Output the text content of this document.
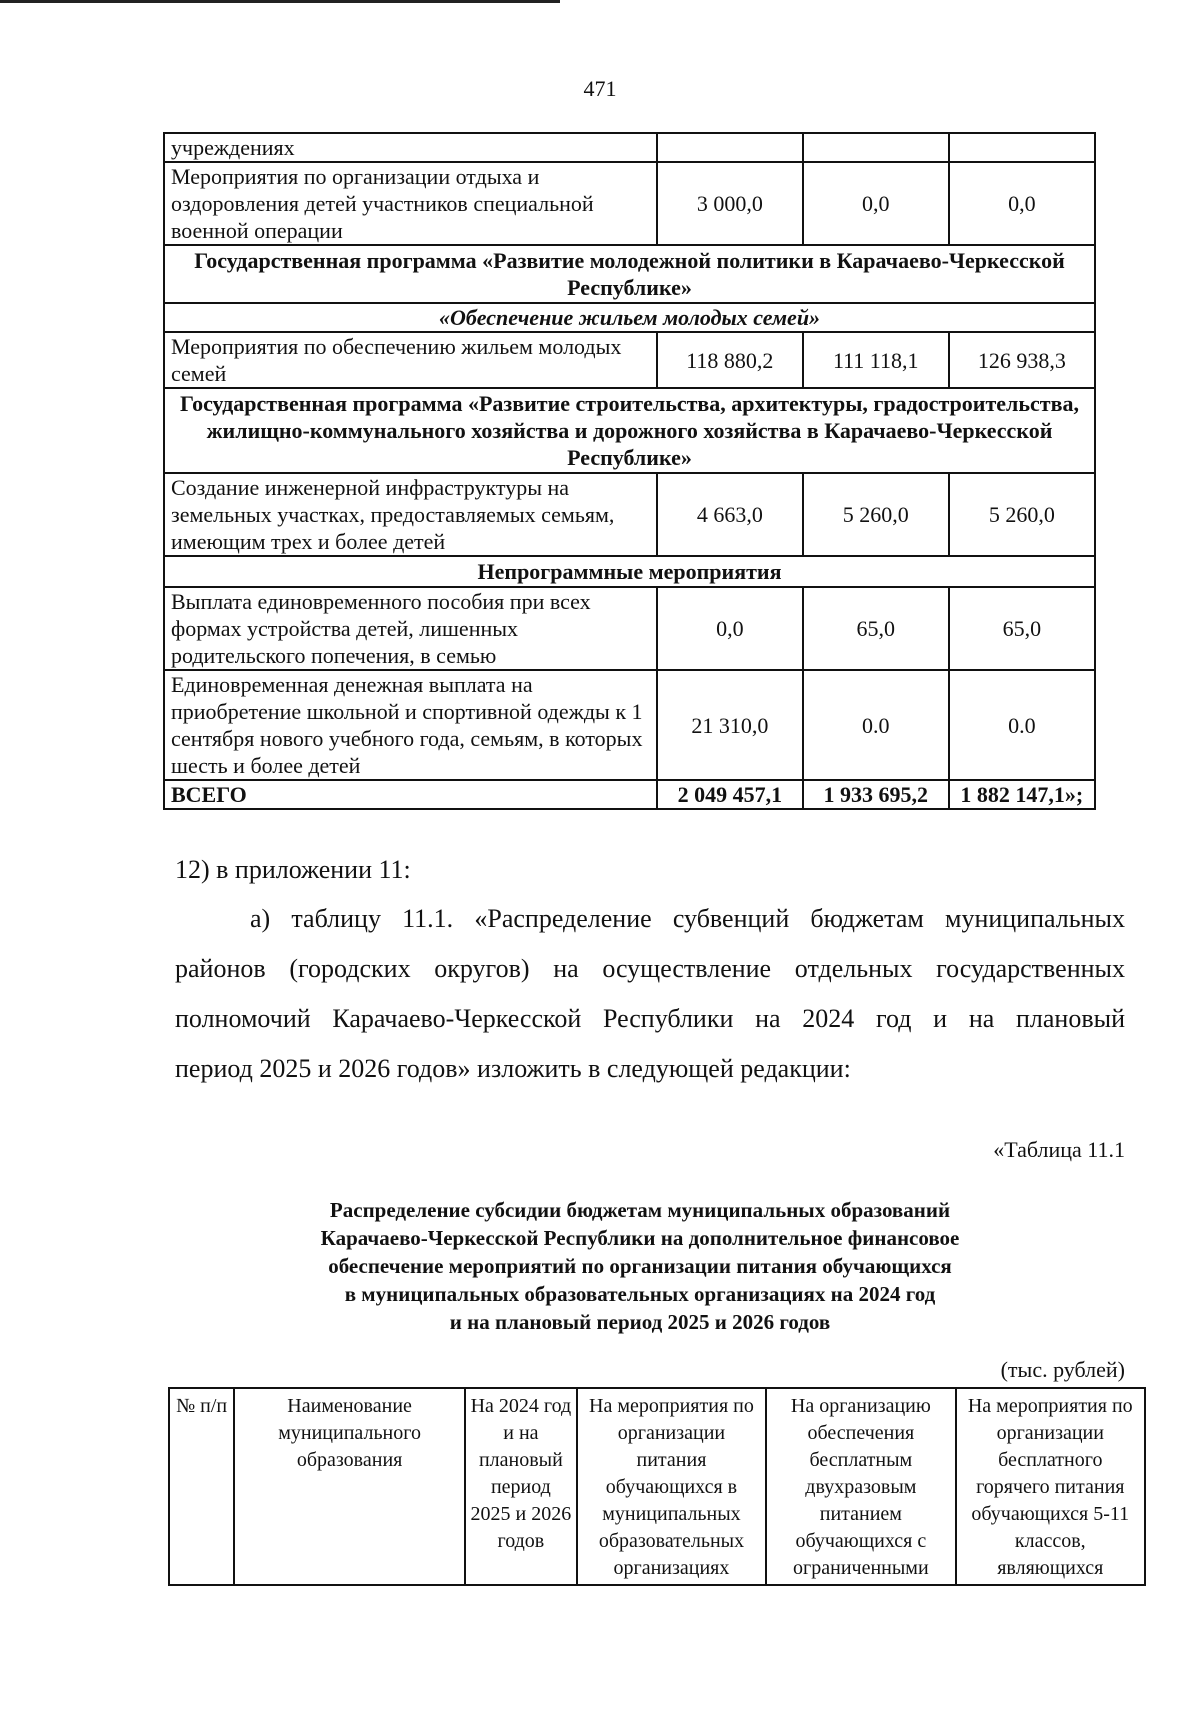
471
учреждениях			
Мероприятия по организации отдыха и оздоровления детей участников специальной военной операции	3 000,0	0,0	0,0
Государственная программа «Развитие молодежной политики в Карачаево-Черкесской Республике»			
«Обеспечение жильем молодых семей»			
Мероприятия по обеспечению жильем молодых семей	118 880,2	111 118,1	126 938,3
Государственная программа «Развитие строительства, архитектуры, градостроительства, жилищно-коммунального хозяйства и дорожного хозяйства в Карачаево-Черкесской Республике»			
Создание инженерной инфраструктуры на земельных участках, предоставляемых семьям, имеющим трех и более детей	4 663,0	5 260,0	5 260,0
Непрограммные мероприятия			
Выплата единовременного пособия при всех формах устройства детей, лишенных родительского попечения, в семью	0,0	65,0	65,0
Единовременная денежная выплата на приобретение школьной и спортивной одежды к 1 сентября нового учебного года, семьям, в которых шесть и более детей	21 310,0	0.0	0.0
ВСЕГО	2 049 457,1	1 933 695,2	1 882 147,1»;
12) в приложении 11:
а) таблицу 11.1. «Распределение субвенций бюджетам муниципальных
районов (городских округов) на осуществление отдельных государственных
полномочий Карачаево-Черкесской Республики на 2024 год и на плановый
период 2025 и 2026 годов» изложить в следующей редакции:
«Таблица 11.1
Распределение субсидии бюджетам муниципальных образований
Карачаево-Черкесской Республики на дополнительное финансовое
обеспечение мероприятий по организации питания обучающихся
в муниципальных образовательных организациях на 2024 год
и на плановый период 2025 и 2026 годов
(тыс. рублей)
№ п/п	Наименование муниципального образования	На 2024 год и на плановый период 2025 и 2026 годов	На мероприятия по организации питания обучающихся в муниципальных образовательных организациях	На организацию обеспечения бесплатным двухразовым питанием обучающихся с ограниченными	На мероприятия по организации бесплатного горячего питания обучающихся 5-11 классов, являющихся
